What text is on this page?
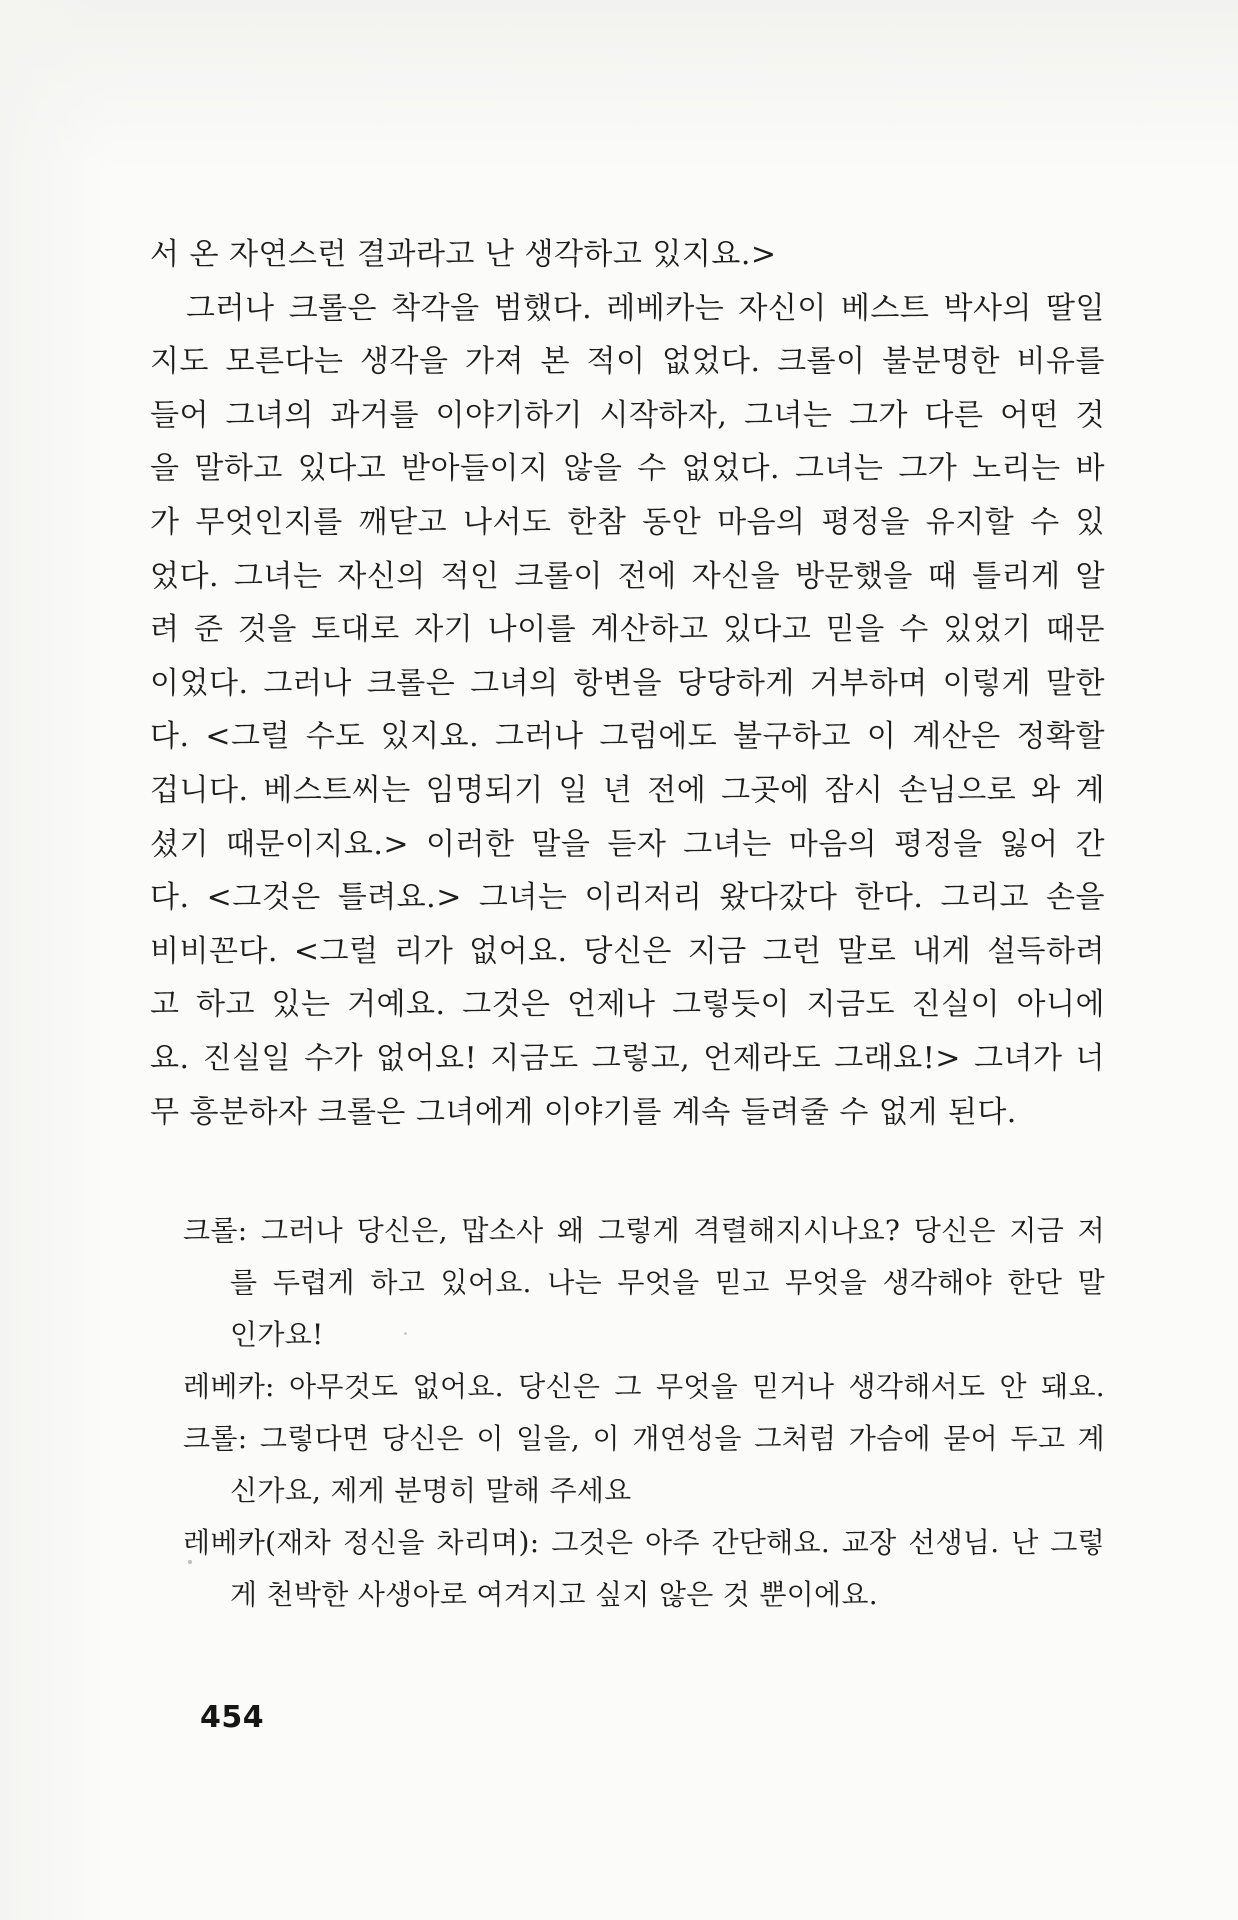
서 온 자연스런 결과라고 난 생각하고 있지요.>
그러나 크롤은 착각을 범했다. 레베카는 자신이 베스트 박사의 딸일
지도 모른다는 생각을 가져 본 적이 없었다. 크롤이 불분명한 비유를
들어 그녀의 과거를 이야기하기 시작하자, 그녀는 그가 다른 어떤 것
을 말하고 있다고 받아들이지 않을 수 없었다. 그녀는 그가 노리는 바
가 무엇인지를 깨닫고 나서도 한참 동안 마음의 평정을 유지할 수 있
었다. 그녀는 자신의 적인 크롤이 전에 자신을 방문했을 때 틀리게 알
려 준 것을 토대로 자기 나이를 계산하고 있다고 믿을 수 있었기 때문
이었다. 그러나 크롤은 그녀의 항변을 당당하게 거부하며 이렇게 말한
다. <그럴 수도 있지요. 그러나 그럼에도 불구하고 이 계산은 정확할
겁니다. 베스트씨는 임명되기 일 년 전에 그곳에 잠시 손님으로 와 계
셨기 때문이지요.> 이러한 말을 듣자 그녀는 마음의 평정을 잃어 간
다. <그것은 틀려요.> 그녀는 이리저리 왔다갔다 한다. 그리고 손을
비비꼰다. <그럴 리가 없어요. 당신은 지금 그런 말로 내게 설득하려
고 하고 있는 거예요. 그것은 언제나 그렇듯이 지금도 진실이 아니에
요. 진실일 수가 없어요! 지금도 그렇고, 언제라도 그래요!> 그녀가 너
무 흥분하자 크롤은 그녀에게 이야기를 계속 들려줄 수 없게 된다.
크롤: 그러나 당신은, 맙소사 왜 그렇게 격렬해지시나요? 당신은 지금 저
를 두렵게 하고 있어요. 나는 무엇을 믿고 무엇을 생각해야 한단 말
인가요!
레베카: 아무것도 없어요. 당신은 그 무엇을 믿거나 생각해서도 안 돼요.
크롤: 그렇다면 당신은 이 일을, 이 개연성을 그처럼 가슴에 묻어 두고 계
신가요, 제게 분명히 말해 주세요
레베카(재차 정신을 차리며): 그것은 아주 간단해요. 교장 선생님. 난 그렇
게 천박한 사생아로 여겨지고 싶지 않은 것 뿐이에요.
454
